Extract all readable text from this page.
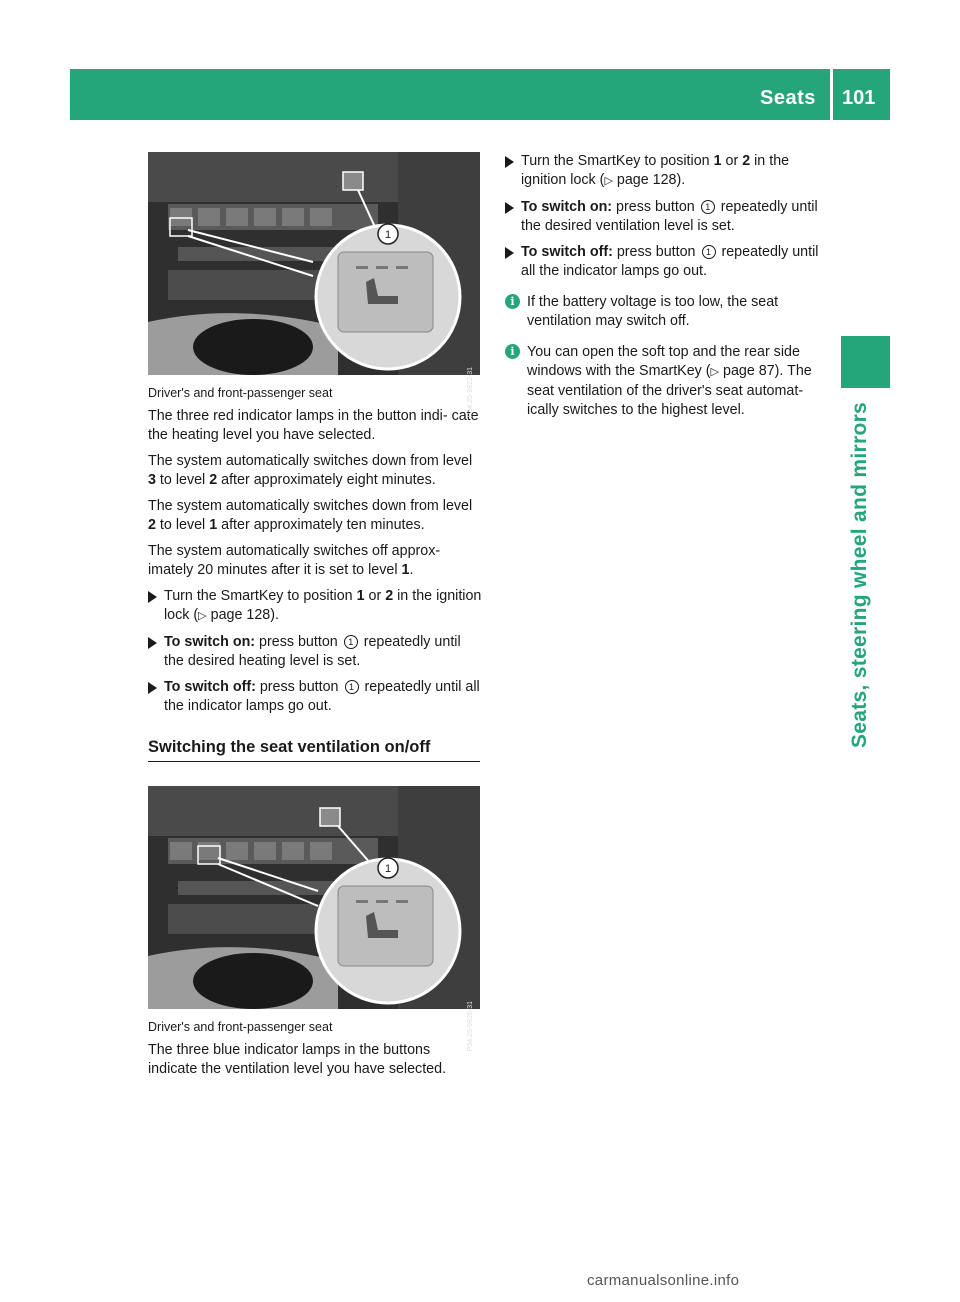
Seats 101
Seats, steering wheel and mirrors
1
P54.25-9822-31
Driver's and front-passenger seat

The three red indicator lamps in the button indi- cate the heating level you have selected.

The system automatically switches down from level 3 to level 2 after approximately eight minutes.

The system automatically switches down from level 2 to level 1 after approximately ten minutes.

The system automatically switches off approx- imately 20 minutes after it is set to level 1.

Turn the SmartKey to position 1 or 2 in the ignition lock (▷ page 128).
To switch on: press button 1 repeatedly until the desired heating level is set.
To switch off: press button 1 repeatedly until all the indicator lamps go out.
Switching the seat ventilation on/off
1
P54.25-9826-31
Driver's and front-passenger seat

The three blue indicator lamps in the buttons indicate the ventilation level you have selected.

Turn the SmartKey to position 1 or 2 in the ignition lock (▷ page 128).
To switch on: press button 1 repeatedly until the desired ventilation level is set.
To switch off: press button 1 repeatedly until all the indicator lamps go out.
i If the battery voltage is too low, the seat ventilation may switch off.
i You can open the soft top and the rear side windows with the SmartKey (▷ page 87). The seat ventilation of the driver's seat automat- ically switches to the highest level.
carmanualsonline.info
